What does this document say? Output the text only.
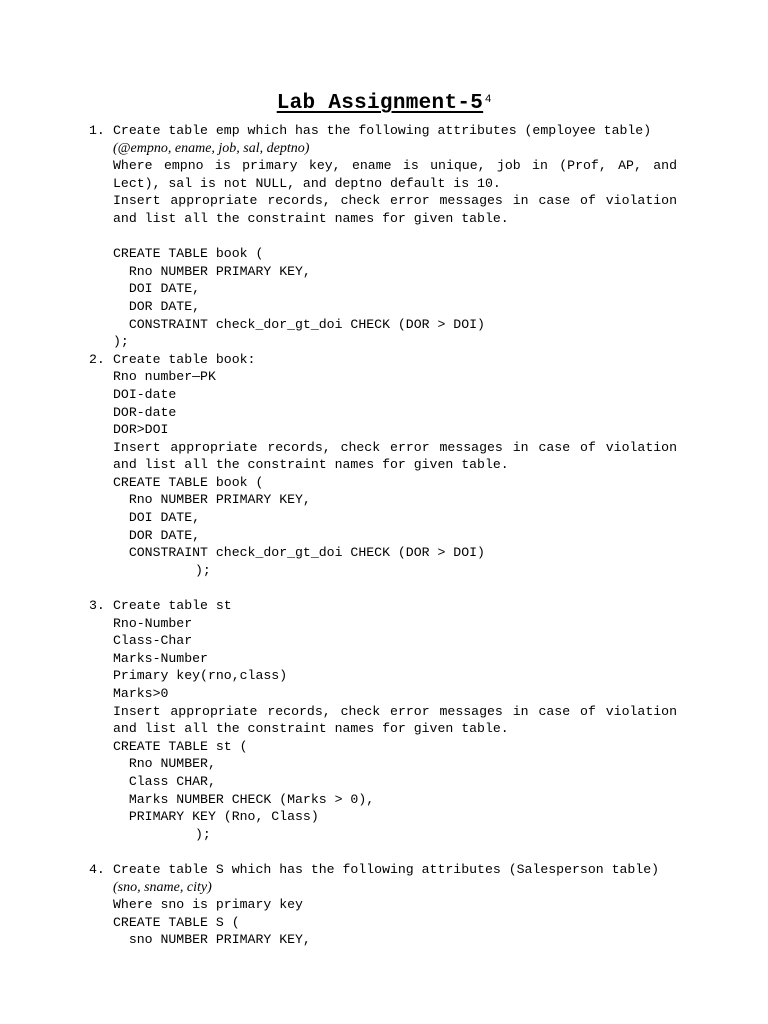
Lab Assignment-5 $^4$
1. Create table emp which has the following attributes (employee table)
(@empno, ename, job, sal, deptno)
Where empno is primary key, ename is unique, job in (Prof, AP, and Lect), sal is not NULL, and deptno default is 10.
Insert appropriate records, check error messages in case of violation and list all the constraint names for given table.
CREATE TABLE book (
Rno NUMBER PRIMARY KEY,
DOI DATE,
DOR DATE,
CONSTRAINT check_dor_gt_doi CHECK (DOR > DOI)
);
2. Create table book:
Rno number—PK
DOI-date
DOR-date
DOR>DOI
Insert appropriate records, check error messages in case of violation and list all the constraint names for given table.
CREATE TABLE book (
Rno NUMBER PRIMARY KEY,
DOI DATE,
DOR DATE,
CONSTRAINT check_dor_gt_doi CHECK (DOR > DOI)
);
3. Create table st
Rno-Number
Class-Char
Marks-Number
Primary key(rno,class)
Marks>0
Insert appropriate records, check error messages in case of violation and list all the constraint names for given table.
CREATE TABLE st (
Rno NUMBER,
Class CHAR,
Marks NUMBER CHECK (Marks > 0),
PRIMARY KEY (Rno, Class)
);
4. Create table S which has the following attributes (Salesperson table)
(sno, sname, city)
Where sno is primary key
CREATE TABLE S (
sno NUMBER PRIMARY KEY,
